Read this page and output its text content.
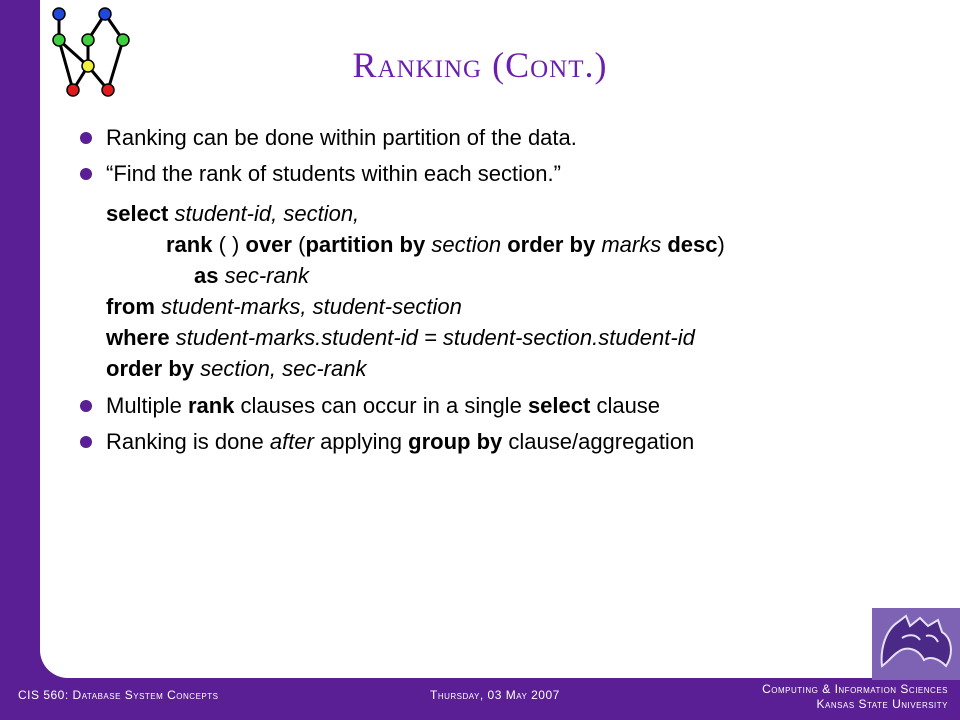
Ranking (Cont.)
Ranking can be done within partition of the data.
“Find the rank of students within each section.”
select student-id, section,
rank ( ) over (partition by section order by marks desc)
as sec-rank
from student-marks, student-section
where student-marks.student-id = student-section.student-id
order by section, sec-rank
Multiple rank clauses can occur in a single select clause
Ranking is done after applying group by clause/aggregation
CIS 560: Database System Concepts	Thursday, 03 May 2007	Computing & Information Sciences
Kansas State University
